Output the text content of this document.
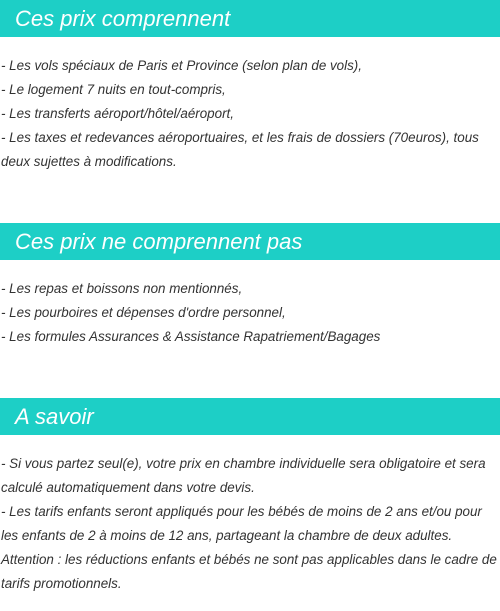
Ces prix comprennent
- Les vols spéciaux de Paris et Province (selon plan de vols),
- Le logement 7 nuits en tout-compris,
- Les transferts aéroport/hôtel/aéroport,
- Les taxes et redevances aéroportuaires, et les frais de dossiers (70euros), tous deux sujettes à modifications.
Ces prix ne comprennent pas
- Les repas et boissons non mentionnés,
- Les pourboires et dépenses d'ordre personnel,
- Les formules Assurances & Assistance Rapatriement/Bagages
A savoir
- Si vous partez seul(e), votre prix en chambre individuelle sera obligatoire et sera calculé automatiquement dans votre devis.
- Les tarifs enfants seront appliqués pour les bébés de moins de 2 ans et/ou pour les enfants de 2 à moins de 12 ans, partageant la chambre de deux adultes.
Attention : les réductions enfants et bébés ne sont pas applicables dans le cadre de tarifs promotionnels.
